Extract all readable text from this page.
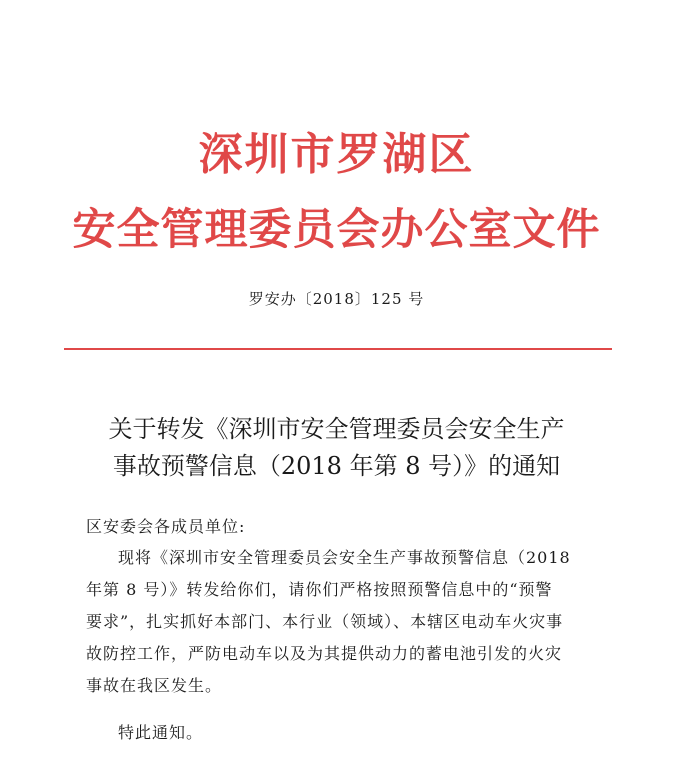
深圳市罗湖区
安全管理委员会办公室文件
罗安办〔2018〕125 号
关于转发《深圳市安全管理委员会安全生产
事故预警信息（2018 年第 8 号）》的通知
区安委会各成员单位:
现将《深圳市安全管理委员会安全生产事故预警信息（2018
年第 8 号）》转发给你们，请你们严格按照预警信息中的“预警
要求”，扎实抓好本部门、本行业（领域）、本辖区电动车火灾事
故防控工作，严防电动车以及为其提供动力的蓄电池引发的火灾
事故在我区发生。
特此通知。
